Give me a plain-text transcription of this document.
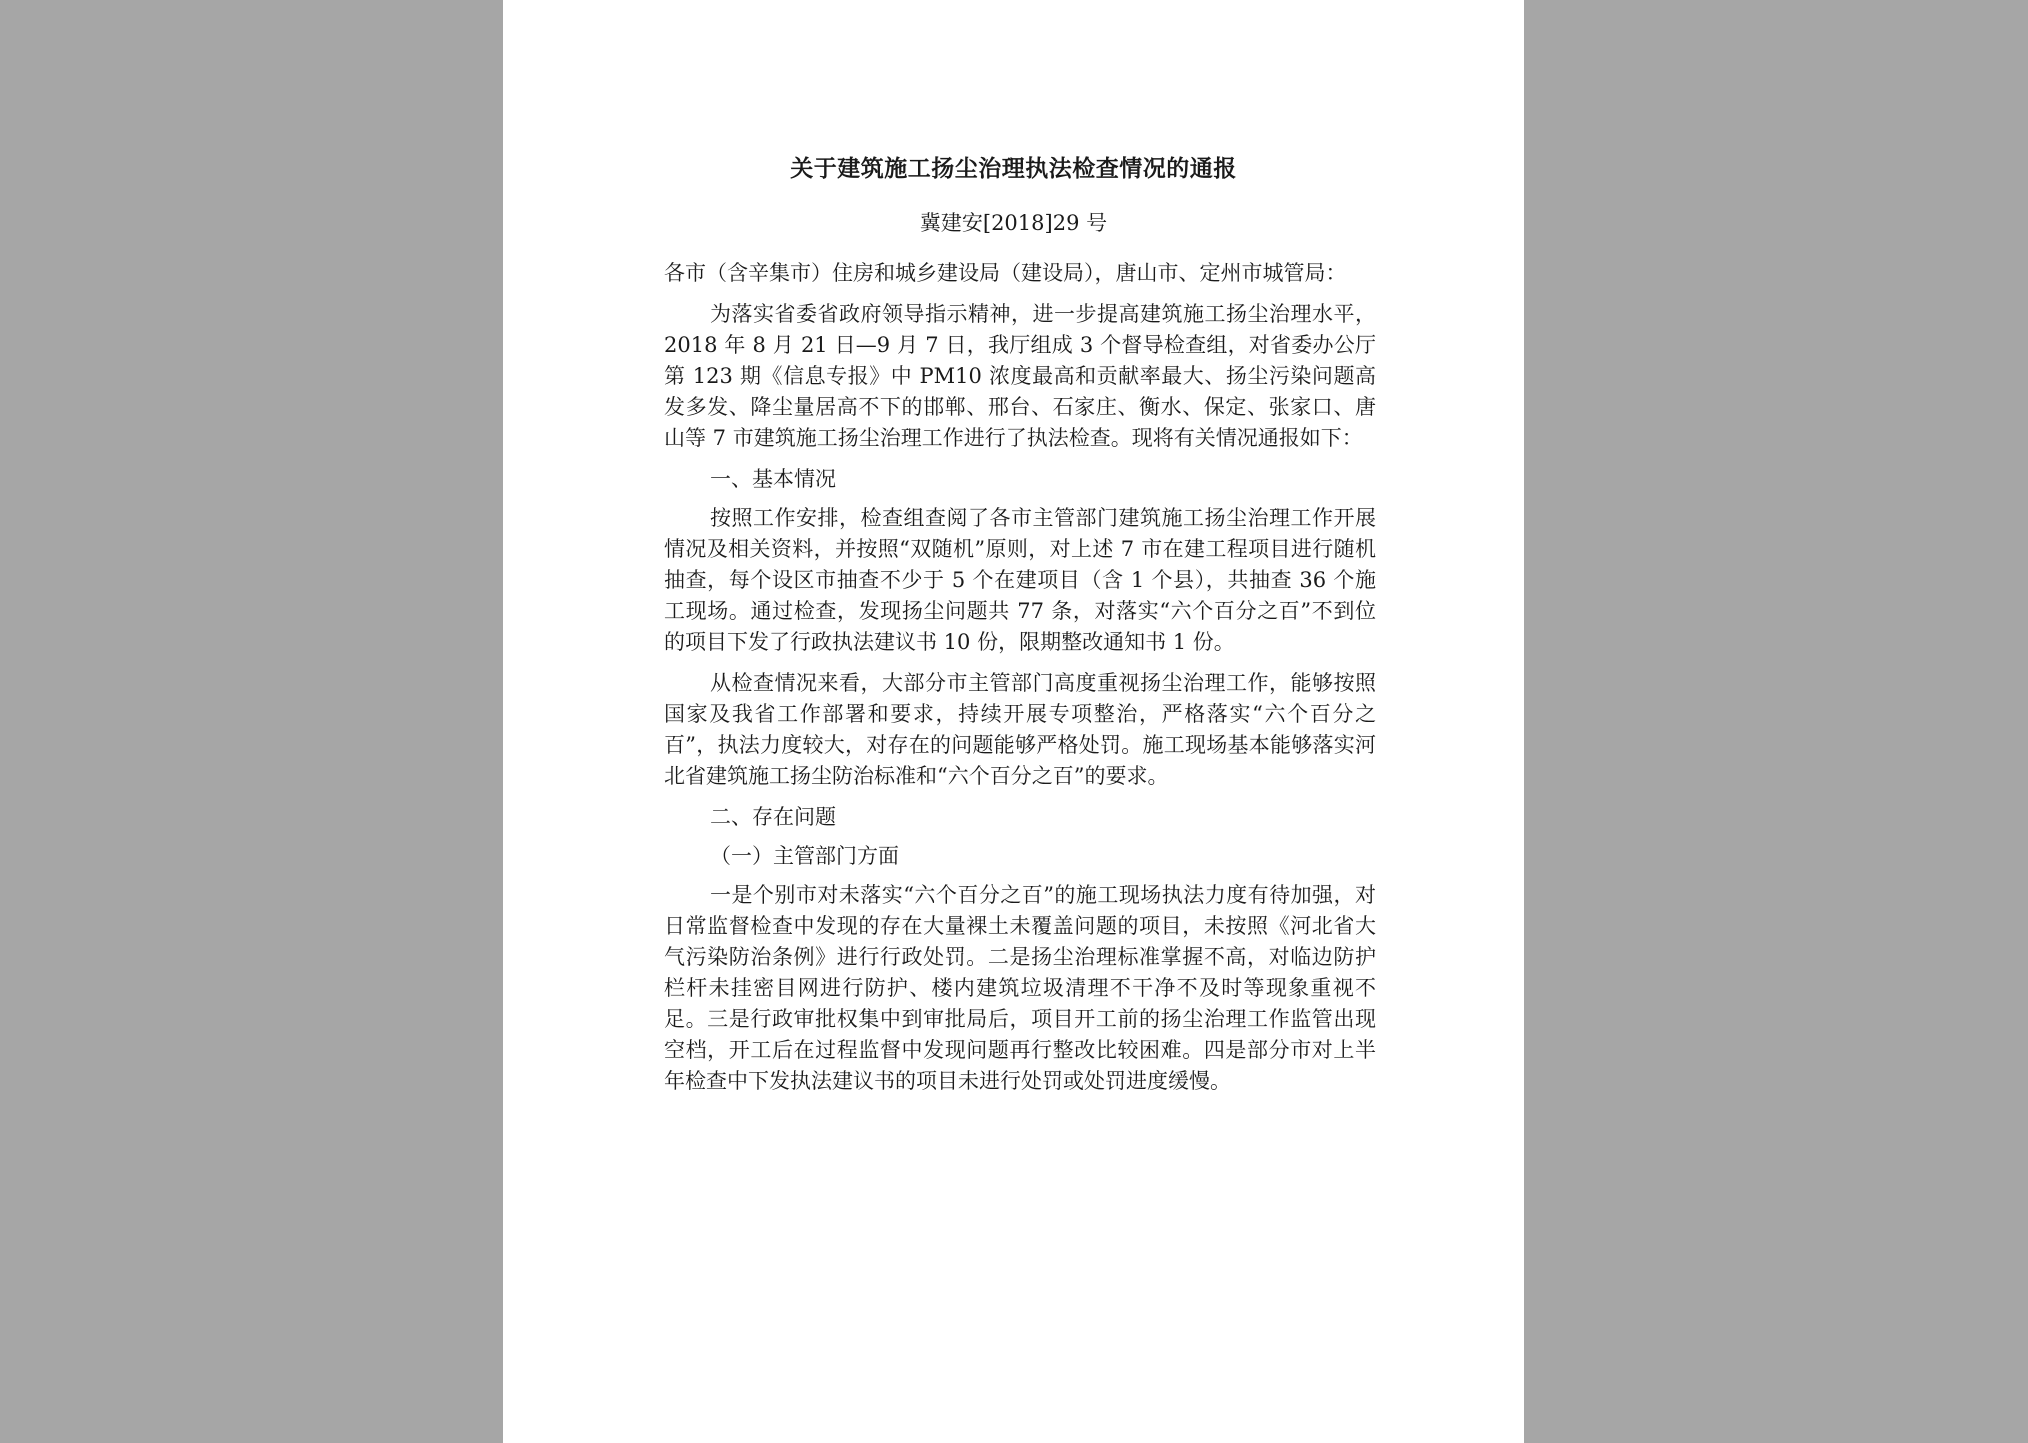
关于建筑施工扬尘治理执法检查情况的通报
冀建安[2018]29 号

各市（含辛集市）住房和城乡建设局（建设局），唐山市、定州市城管局：

为落实省委省政府领导指示精神，进一步提高建筑施工扬尘治理水平，2018 年 8 月 21 日—9 月 7 日，我厅组成 3 个督导检查组，对省委办公厅第 123 期《信息专报》中 PM10 浓度最高和贡献率最大、扬尘污染问题高发多发、降尘量居高不下的邯郸、邢台、石家庄、衡水、保定、张家口、唐山等 7 市建筑施工扬尘治理工作进行了执法检查。现将有关情况通报如下：

一、基本情况

按照工作安排，检查组查阅了各市主管部门建筑施工扬尘治理工作开展情况及相关资料，并按照“双随机”原则，对上述 7 市在建工程项目进行随机抽查，每个设区市抽查不少于 5 个在建项目（含 1 个县），共抽查 36 个施工现场。通过检查，发现扬尘问题共 77 条，对落实“六个百分之百”不到位的项目下发了行政执法建议书 10 份，限期整改通知书 1 份。

从检查情况来看，大部分市主管部门高度重视扬尘治理工作，能够按照国家及我省工作部署和要求，持续开展专项整治，严格落实“六个百分之百”，执法力度较大，对存在的问题能够严格处罚。施工现场基本能够落实河北省建筑施工扬尘防治标准和“六个百分之百”的要求。

二、存在问题

（一）主管部门方面

一是个别市对未落实“六个百分之百”的施工现场执法力度有待加强，对日常监督检查中发现的存在大量裸土未覆盖问题的项目，未按照《河北省大气污染防治条例》进行行政处罚。二是扬尘治理标准掌握不高，对临边防护栏杆未挂密目网进行防护、楼内建筑垃圾清理不干净不及时等现象重视不足。三是行政审批权集中到审批局后，项目开工前的扬尘治理工作监管出现空档，开工后在过程监督中发现问题再行整改比较困难。四是部分市对上半年检查中下发执法建议书的项目未进行处罚或处罚进度缓慢。
